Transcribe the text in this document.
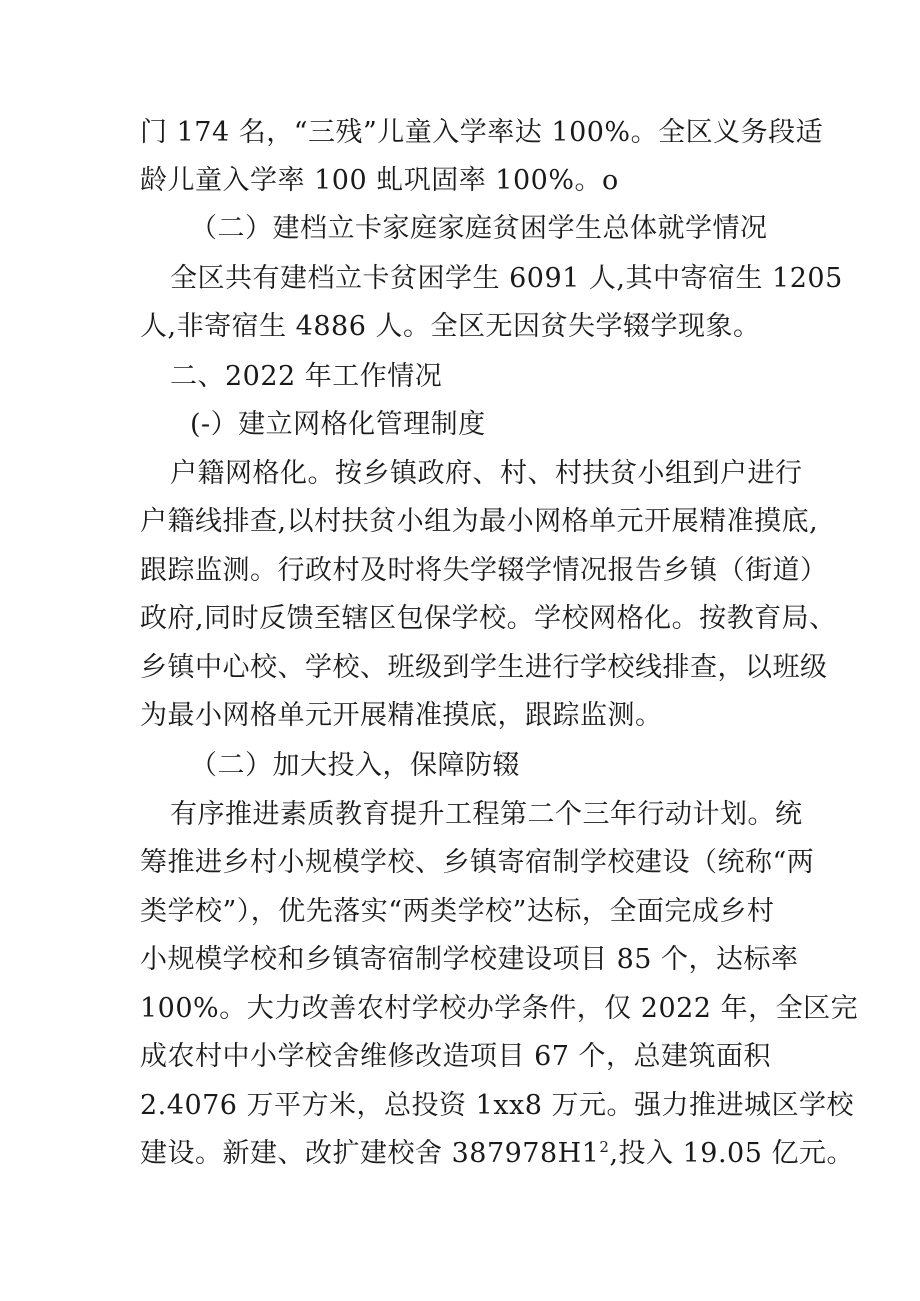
门 174 名，“三残”儿童入学率达 100%。全区义务段适
龄儿童入学率 100 虬巩固率 100%。o
（二）建档立卡家庭家庭贫困学生总体就学情况
全区共有建档立卡贫困学生 6091 人,其中寄宿生 1205
人,非寄宿生 4886 人。全区无因贫失学辍学现象。
二、2022 年工作情况
(-）建立网格化管理制度
户籍网格化。按乡镇政府、村、村扶贫小组到户进行
户籍线排查,以村扶贫小组为最小网格单元开展精准摸底,
跟踪监测。行政村及时将失学辍学情况报告乡镇（街道）
政府,同时反馈至辖区包保学校。学校网格化。按教育局、
乡镇中心校、学校、班级到学生进行学校线排查，以班级
为最小网格单元开展精准摸底，跟踪监测。
（二）加大投入，保障防辍
有序推进素质教育提升工程第二个三年行动计划。统
筹推进乡村小规模学校、乡镇寄宿制学校建设（统称“两
类学校”），优先落实“两类学校”达标，全面完成乡村
小规模学校和乡镇寄宿制学校建设项目 85 个，达标率
100%。大力改善农村学校办学条件，仅 2022 年，全区完
成农村中小学校舍维修改造项目 67 个，总建筑面积
2.4076 万平方米，总投资 1xx8 万元。强力推进城区学校
建设。新建、改扩建校舍 $387978H1^2$,投入 19.05 亿元。
